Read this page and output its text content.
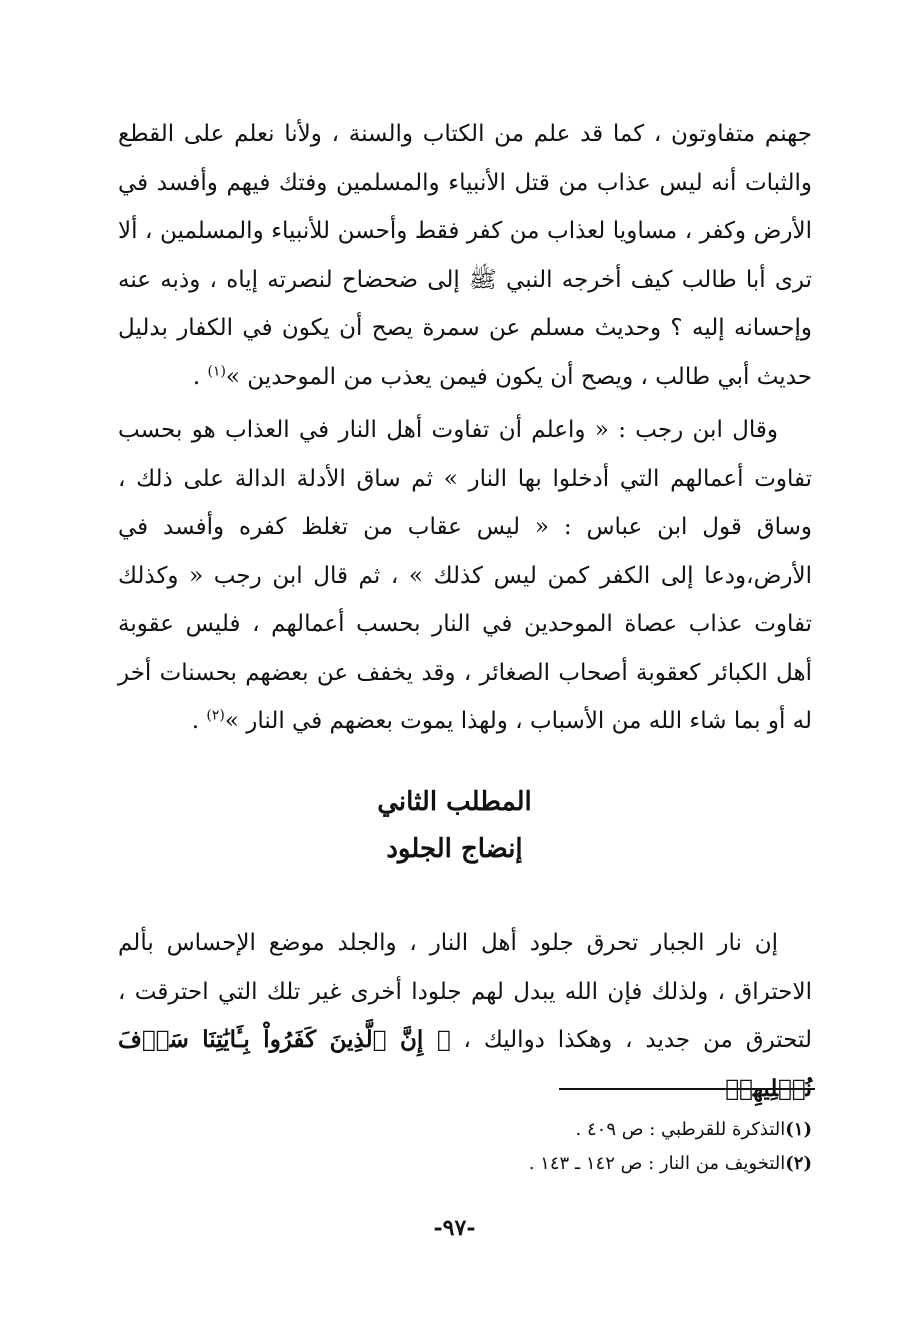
جهنم متفاوتون ، كما قد علم من الكتاب والسنة ، ولأنا نعلم على القطع والثبات أنه ليس عذاب من قتل الأنبياء والمسلمين وفتك فيهم وأفسد في الأرض وكفر ، مساويا لعذاب من كفر فقط وأحسن للأنبياء والمسلمين ، ألا ترى أبا طالب كيف أخرجه النبي ﷺ إلى ضحضاح لنصرته إياه ، وذبه عنه وإحسانه إليه ؟ وحديث مسلم عن سمرة يصح أن يكون في الكفار بدليل حديث أبي طالب ، ويصح أن يكون فيمن يعذب من الموحدين »$^{(١)}$ .

وقال ابن رجب : « واعلم أن تفاوت أهل النار في العذاب هو بحسب تفاوت أعمالهم التي أدخلوا بها النار » ثم ساق الأدلة الدالة على ذلك ، وساق قول ابن عباس : « ليس عقاب من تغلظ كفره وأفسد في الأرض،ودعا إلى الكفر كمن ليس كذلك » ، ثم قال ابن رجب « وكذلك تفاوت عذاب عصاة الموحدين في النار بحسب أعمالهم ، فليس عقوبة أهل الكبائر كعقوبة أصحاب الصغائر ، وقد يخفف عن بعضهم بحسنات أخر له أو بما شاء الله من الأسباب ، ولهذا يموت بعضهم في النار »$^{(٢)}$ .

المطلب الثاني
إنضاج الجلود

إن نار الجبار تحرق جلود أهل النار ، والجلد موضع الإحساس بألم الاحتراق ، ولذلك فإن الله يبدل لهم جلودا أخرى غير تلك التي احترقت ، لتحترق من جديد ، وهكذا دواليك ، ﴿ إِنَّ ٱلَّذِينَ كَفَرُواْ بِـَٔايَٰتِنَا سَوۡفَ نُصۡلِيهِمۡ

(١)التذكرة للقرطبي : ص ٤٠٩ .
(٢)التخويف من النار : ص ١٤٢ ـ ١٤٣ .
-٩٧-
